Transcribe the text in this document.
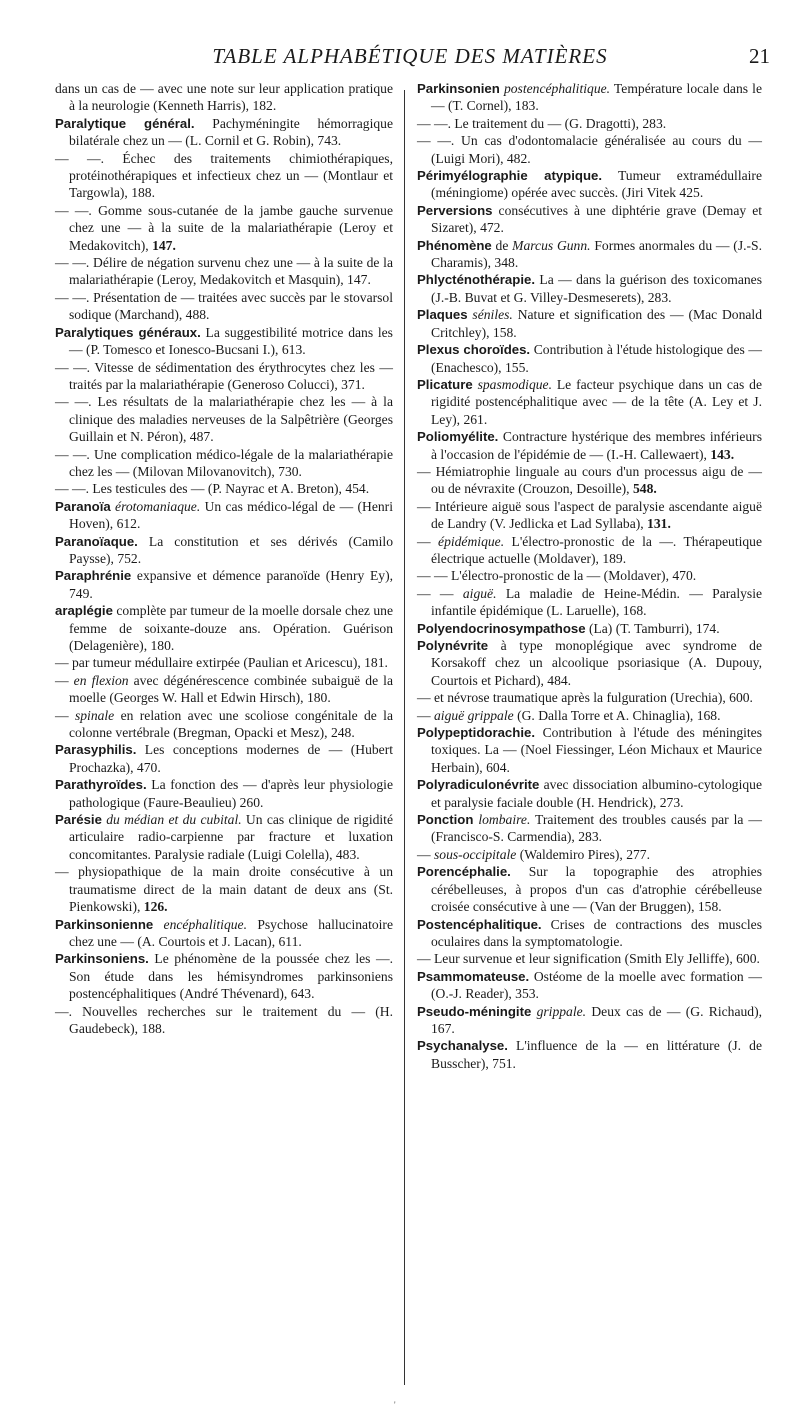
TABLE ALPHABÉTIQUE DES MATIÈRES	21

dans un cas de — avec une note sur leur application pratique à la neurologie (Kenneth Harris), 182.

Paralytique général. Pachyméningite hémorragique bilatérale chez un — (L. Cornil et G. Robin), 743.

— —. Échec des traitements chimiothérapiques, protéinothérapiques et infectieux chez un — (Montlaur et Targowla), 188.

— —. Gomme sous-cutanée de la jambe gauche survenue chez une — à la suite de la malariathérapie (Leroy et Medakovitch), 147.

— —. Délire de négation survenu chez une — à la suite de la malariathérapie (Leroy, Medakovitch et Masquin), 147.

— —. Présentation de — traitées avec succès par le stovarsol sodique (Marchand), 488.

Paralytiques généraux. La suggestibilité motrice dans les — (P. Tomesco et Ionesco-Bucsani I.), 613.

— —. Vitesse de sédimentation des érythrocytes chez les — traités par la malariathérapie (Generoso Colucci), 371.

— —. Les résultats de la malariathérapie chez les — à la clinique des maladies nerveuses de la Salpêtrière (Georges Guillain et N. Péron), 487.

— —. Une complication médico-légale de la malariathérapie chez les — (Milovan Milovanovitch), 730.

— —. Les testicules des — (P. Nayrac et A. Breton), 454.

Paranoïa érotomaniaque. Un cas médico-légal de — (Henri Hoven), 612.

Paranoïaque. La constitution et ses dérivés (Camilo Paysse), 752.

Paraphrénie expansive et démence paranoïde (Henry Ey), 749.

araplégie complète par tumeur de la moelle dorsale chez une femme de soixante-douze ans. Opération. Guérison (Delagenière), 180.

— par tumeur médullaire extirpée (Paulian et Aricescu), 181.

— en flexion avec dégénérescence combinée subaiguë de la moelle (Georges W. Hall et Edwin Hirsch), 180.

— spinale en relation avec une scoliose congénitale de la colonne vertébrale (Bregman, Opacki et Mesz), 248.

Parasyphilis. Les conceptions modernes de — (Hubert Prochazka), 470.

Parathyroïdes. La fonction des — d'après leur physiologie pathologique (Faure-Beaulieu) 260.

Parésie du médian et du cubital. Un cas clinique de rigidité articulaire radio-carpienne par fracture et luxation concomitantes. Paralysie radiale (Luigi Colella), 483.

— physiopathique de la main droite consécutive à un traumatisme direct de la main datant de deux ans (St. Pienkowski), 126.

Parkinsonienne encéphalitique. Psychose hallucinatoire chez une — (A. Courtois et J. Lacan), 611.

Parkinsoniens. Le phénomène de la poussée chez les —. Son étude dans les hémisyndromes parkinsoniens postencéphalitiques (André Thévenard), 643.

—. Nouvelles recherches sur le traitement du — (H. Gaudebeck), 188.

Parkinsonien postencéphalitique. Température locale dans le — (T. Cornel), 183.

— —. Le traitement du — (G. Dragotti), 283.

— —. Un cas d'odontomalacie généralisée au cours du — (Luigi Mori), 482.

Périmyélographie atypique. Tumeur extramédullaire (méningiome) opérée avec succès. (Jiri Vitek 425.

Perversions consécutives à une diphtérie grave (Demay et Sizaret), 472.

Phénomène de Marcus Gunn. Formes anormales du — (J.-S. Charamis), 348.

Phlycténothérapie. La — dans la guérison des toxicomanes (J.-B. Buvat et G. Villey-Desmeserets), 283.

Plaques séniles. Nature et signification des — (Mac Donald Critchley), 158.

Plexus choroïdes. Contribution à l'étude histologique des — (Enachesco), 155.

Plicature spasmodique. Le facteur psychique dans un cas de rigidité postencéphalitique avec — de la tête (A. Ley et J. Ley), 261.

Poliomyélite. Contracture hystérique des membres inférieurs à l'occasion de l'épidémie de — (I.-H. Callewaert), 143.

— Hémiatrophie linguale au cours d'un processus aigu de — ou de névraxite (Crouzon, Desoille), 548.

— Intérieure aiguë sous l'aspect de paralysie ascendante aiguë de Landry (V. Jedlicka et Lad Syllaba), 131.

— épidémique. L'électro-pronostic de la —. Thérapeutique électrique actuelle (Moldaver), 189.

— — L'électro-pronostic de la — (Moldaver), 470.

— — aiguë. La maladie de Heine-Médin. — Paralysie infantile épidémique (L. Laruelle), 168.

Polyendocrinosympathose (La) (T. Tamburri), 174.

Polynévrite à type monoplégique avec syndrome de Korsakoff chez un alcoolique psoriasique (A. Dupouy, Courtois et Pichard), 484.

— et névrose traumatique après la fulguration (Urechia), 600.

— aiguë grippale (G. Dalla Torre et A. Chinaglia), 168.

Polypeptidorachie. Contribution à l'étude des méningites toxiques. La — (Noel Fiessinger, Léon Michaux et Maurice Herbain), 604.

Polyradiculonévrite avec dissociation albumino-cytologique et paralysie faciale double (H. Hendrick), 273.

Ponction lombaire. Traitement des troubles causés par la — (Francisco-S. Carmendia), 283.

— sous-occipitale (Waldemiro Pires), 277.

Porencéphalie. Sur la topographie des atrophies cérébelleuses, à propos d'un cas d'atrophie cérébelleuse croisée consécutive à une — (Van der Bruggen), 158.

Postencéphalitique. Crises de contractions des muscles oculaires dans la symptomatologie.

— Leur survenue et leur signification (Smith Ely Jelliffe), 600.

Psammomateuse. Ostéome de la moelle avec formation — (O.-J. Reader), 353.

Pseudo-méningite grippale. Deux cas de — (G. Richaud), 167.

Psychanalyse. L'influence de la — en littérature (J. de Busscher), 751.

'
